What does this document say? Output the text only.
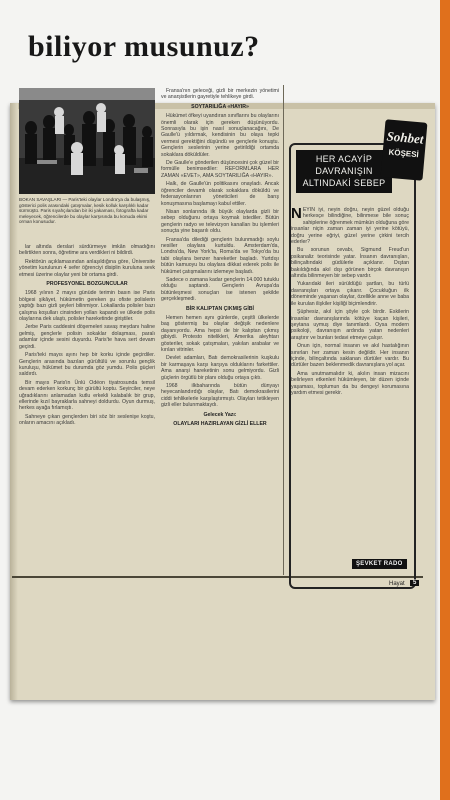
biliyor musunuz?
BOKAN SAVAŞLARI — Paris'teki olaylar Londra'ya da bulaşmış, gösterici polis arasındaki çatışmalar, kesik kolluk karşılıklı kadar sürmüştü. Paris sıyahçılarıdan bir iki yakaması, fotografta kadar meleyecek, öğrencilerde bu olaylar karşısında bu konuda ekimi orman konusudur.

lar altında derslari sürdürmeye imkân olmadığını belirtikten sonra, öğretime ara verdikleri ni bildirdi.

Rektörün açıklamasından anlaşıldığına göre, Üniversite yönetim kurulunun 4 sefer öğrenciyi disiplin kuruluna sevk etmesi üzerine olaylar yeni bir ortama girdi.

PROFESYONEL BOZGUNCULAR

1968 yılının 2 mayıs günüde terimin basın ise Paris bölgesi şikâyet, hükümetin gereken şu ofiste polislerin yaptığı bazı gizli şeyleri bilinmiyor. Lokallarda polisler bazı çalışma koşulları cinsinden yolları kapandı ve ülkede polis olaylarına dek ulaştı, polisler hareketinde giriştiler.

Jerbe Paris caddesini döşemeleri savaş meydanı haline gelmiş, gençlerle polisin sokaklar dolaşması, paralı adamlar içinde sesini duyurdu. Paris'te hava sert devam geçirdi.

Paris'teki mayıs ayını hep bir korku içinde geçirdiler. Gençlerin arasında bazıları gürültülü ve sorunlu gençlik kuruluşu, hükümet bu durumda göz yumdu. Polis güçleri saldırdı.

Bir mayıs Paris'in Ünlü Odéon tiyatrosunda temsil devam ederken korkunç bir gürültü koptu. Seyirciler, neye uğradıklarını anlamadan kutlu erkekli kalabalık bir grup, ellerinde kızıl bayraklarla sahneyi doldurdu. Oyun durmuş, herkes ayağa fırlamıştı.

Sahneye çıkan gençlerden biri söz bir seslenişe koştu, onların amacını açıkladı.

Fransa'nın geleceği, gizli bir merkezin yönetimi ve anarşistlerin gayretiyle tehlikeye girdi.

SOYTARILIĞA «HAYIR»

Hükümet öfkeyi uyandıran sınıflarını bu olaylarını önemli olarak için gereken düşünüyordu. Sonrasıyla bu işin nasıl sonuçlanacağını, De Gaulle'ü yıldırmak, kendisinin bu olaya tepki vermesi gerektiğini düşündü ve gençlerle konuştu. Gençlerin seslerinin yerine getirildiği ortamda sokaklara döküldüler.

De Gaulle'e gönderilen düşüncesini çok güzel bir formülle benimsediler: REFORMLARA HER ZAMAN «EVET», AMA SOYTARILIĞA «HAYIR».

Halk, de Gaulle'ün politikasını onayladı. Ancak öğrenciler devamlı olarak sokaklara döküldü ve federasyonlarının yöneticileri de barış konuşmasına başlamayı kabul ettiler.

Nisan sonlarında ilk büyük olaylarda gizli bir sebep olduğunu ortaya koymak istediler. Bütün gençlerin radyo ve televizyon kanalları bu işlemleri sonuçta yine başarılı oldu.

Fransa'da dilediği gençlerin bulunmadığı soylu nesiller olaylara kurtuldu. Amsterdam'da, Londra'da, New York'ta, Roma'da ve Tokyo'da bu tabi olaylara benzer hareketler başladı. Yurtdışı bütün kamuoyu bu olaylara dikkat ederek polis ile hükümet çatışmalarını izlemeye başladı.

Sadece o zamana kadar gençlerin 14.000 tutuklu olduğu saptandı. Gençlerin Avrupa'da bütünleşmesi sonuçları ise istenen şekilde gerçekleşmedi.

BİR KALIPTAN ÇIKMIŞ GİBİ

Hemen hemen aynı günlerde, çeşitli ülkelerde baş göstermiş bu olaylar değişik nedenlere dayanıyordu. Ama hepsi de bir kalıptan çıkmış gibiydi. Protesto nitelikleri, Amerika aleyhtarı gösteriler, sokak çatışmaları, yakılan arabalar ve kırılan vitrinler.

Devlet adamları, Batı demokrasilerinin kuşkulu bir karmaşaya karşı karşıya olduklarını farkettiler. Ama anarşi hareketinin sonu gelmiyordu. Gizli güçlerin örgütlü bir planı olduğu ortaya çıktı.

1968 ilkbaharında bütün dünyayı heyecanlandırdığı olaylar, Batı demokrasilerini ciddi tehlikelerle karşılaştırmıştı. Olayları tetikleyen gizli eller bulunmaktaydı.

Gelecek Yazı:
OLAYLARI HAZIRLAYAN GİZLİ ELLER
HER ACAYİP
DAVRANIŞIN
ALTINDAKİ SEBEP
Sohbet
KÖŞESİ

NEYİN iyi, neyin doğru, neyin güzel olduğu herkesçe bilindiğine, bilinmese bile sonuç sahiplerine öğrenmek mümkün olduğuna göre insanlar niçin zaman zaman iyi yerine kötüyü, doğru yerine eğriyi, güzel yerine çirkini tercih ederler?

Bu sorunun cevabı, Sigmund Freud'un psikanaliz teorisinde yatar. İnsanın davranışları, bilinçaltındaki güdülerle açıklanır. Dıştan bakıldığında akıl dışı görünen birçok davranışın altında bilinmeyen bir sebep vardır.

Yukarıdaki ileri sürüldüğü şartları, bu türlü davranışları ortaya çıkarır. Çocukluğun ilk döneminde yaşanan olaylar, özellikle anne ve baba ile kurulan ilişkiler kişiliği biçimlendirir.

Şüphesiz, akıl için şöyle çok birdir. Eskilerin insanlar davranışlarında kötüye kaçan kişileri, şeytana uymuş diye tanımlardı. Oysa modern psikoloji, davranışın ardında yatan nedenleri araştırır ve bunları tedavi etmeye çalışır.

Onun için, normal insanın ve akıl hastalığının sınırları her zaman kesin değildir. Her insanın içinde, bilinçaltında saklanan dürtüler vardır. Bu dürtüler bazen beklenmedik davranışlara yol açar.

Ama unutmamalıdır ki, akılın insan mizacını belirleyen etkenleri hükümleyen, bir düzen içinde yaşaması, toplumun da bu dengeyi korumasına yardım etmesi gerekir.

ŞEVKET RADO
Hayat	5
